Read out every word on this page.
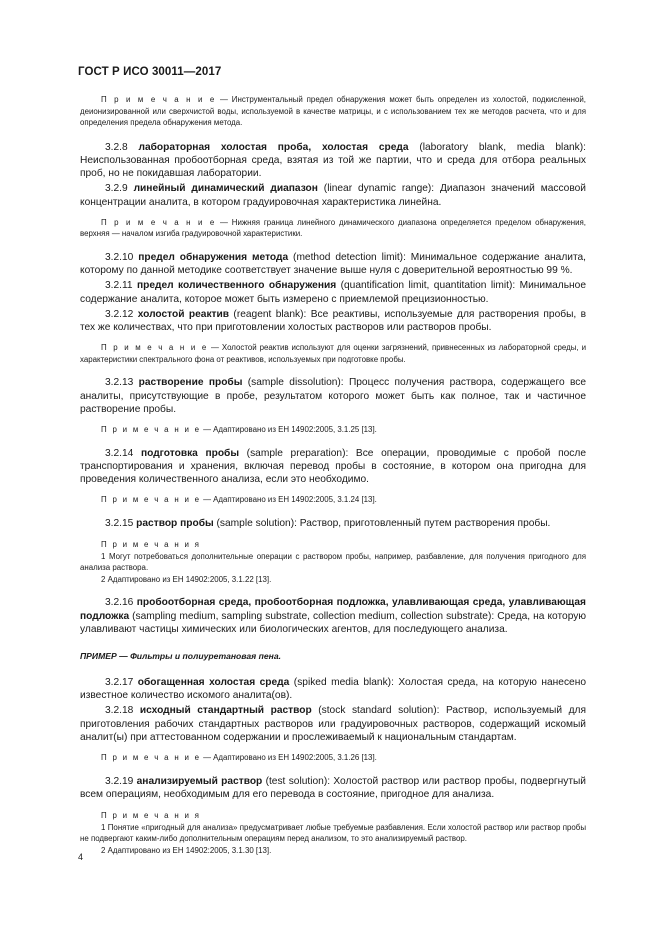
ГОСТ Р ИСО 30011—2017

П р и м е ч а н и е — Инструментальный предел обнаружения может быть определен из холостой, подкисленной, деионизированной или сверхчистой воды, используемой в качестве матрицы, и с использованием тех же методов расчета, что и для определения предела обнаружения метода.

3.2.8 лабораторная холостая проба, холостая среда (laboratory blank, media blank): Неиспользованная пробоотборная среда, взятая из той же партии, что и среда для отбора реальных проб, но не покидавшая лаборатории.

3.2.9 линейный динамический диапазон (linear dynamic range): Диапазон значений массовой концентрации аналита, в котором градуировочная характеристика линейна.

П р и м е ч а н и е — Нижняя граница линейного динамического диапазона определяется пределом обнаружения, верхняя — началом изгиба градуировочной характеристики.

3.2.10 предел обнаружения метода (method detection limit): Минимальное содержание аналита, которому по данной методике соответствует значение выше нуля с доверительной вероятностью 99 %.

3.2.11 предел количественного обнаружения (quantification limit, quantitation limit): Минимальное содержание аналита, которое может быть измерено с приемлемой прецизионностью.

3.2.12 холостой реактив (reagent blank): Все реактивы, используемые для растворения пробы, в тех же количествах, что при приготовлении холостых растворов или растворов пробы.

П р и м е ч а н и е — Холостой реактив используют для оценки загрязнений, привнесенных из лабораторной среды, и характеристики спектрального фона от реактивов, используемых при подготовке пробы.

3.2.13 растворение пробы (sample dissolution): Процесс получения раствора, содержащего все аналиты, присутствующие в пробе, результатом которого может быть как полное, так и частичное растворение пробы.

П р и м е ч а н и е — Адаптировано из ЕН 14902:2005, 3.1.25 [13].

3.2.14 подготовка пробы (sample preparation): Все операции, проводимые с пробой после транспортирования и хранения, включая перевод пробы в состояние, в котором она пригодна для проведения количественного анализа, если это необходимо.

П р и м е ч а н и е — Адаптировано из ЕН 14902:2005, 3.1.24 [13].

3.2.15 раствор пробы (sample solution): Раствор, приготовленный путем растворения пробы.

П р и м е ч а н и я

1 Могут потребоваться дополнительные операции с раствором пробы, например, разбавление, для получения пригодного для анализа раствора.

2 Адаптировано из ЕН 14902:2005, 3.1.22 [13].

3.2.16 пробоотборная среда, пробоотборная подложка, улавливающая среда, улавливающая подложка (sampling medium, sampling substrate, collection medium, collection substrate): Среда, на которую улавливают частицы химических или биологических агентов, для последующего анализа.

ПРИМЕР — Фильтры и полиуретановая пена.

3.2.17 обогащенная холостая среда (spiked media blank): Холостая среда, на которую нанесено известное количество искомого аналита(ов).

3.2.18 исходный стандартный раствор (stock standard solution): Раствор, используемый для приготовления рабочих стандартных растворов или градуировочных растворов, содержащий искомый аналит(ы) при аттестованном содержании и прослеживаемый к национальным стандартам.

П р и м е ч а н и е — Адаптировано из ЕН 14902:2005, 3.1.26 [13].

3.2.19 анализируемый раствор (test solution): Холостой раствор или раствор пробы, подвергнутый всем операциям, необходимым для его перевода в состояние, пригодное для анализа.

П р и м е ч а н и я

1 Понятие «пригодный для анализа» предусматривает любые требуемые разбавления. Если холостой раствор или раствор пробы не подвергают каким-либо дополнительным операциям перед анализом, то это анализируемый раствор.

2 Адаптировано из ЕН 14902:2005, 3.1.30 [13].

4
